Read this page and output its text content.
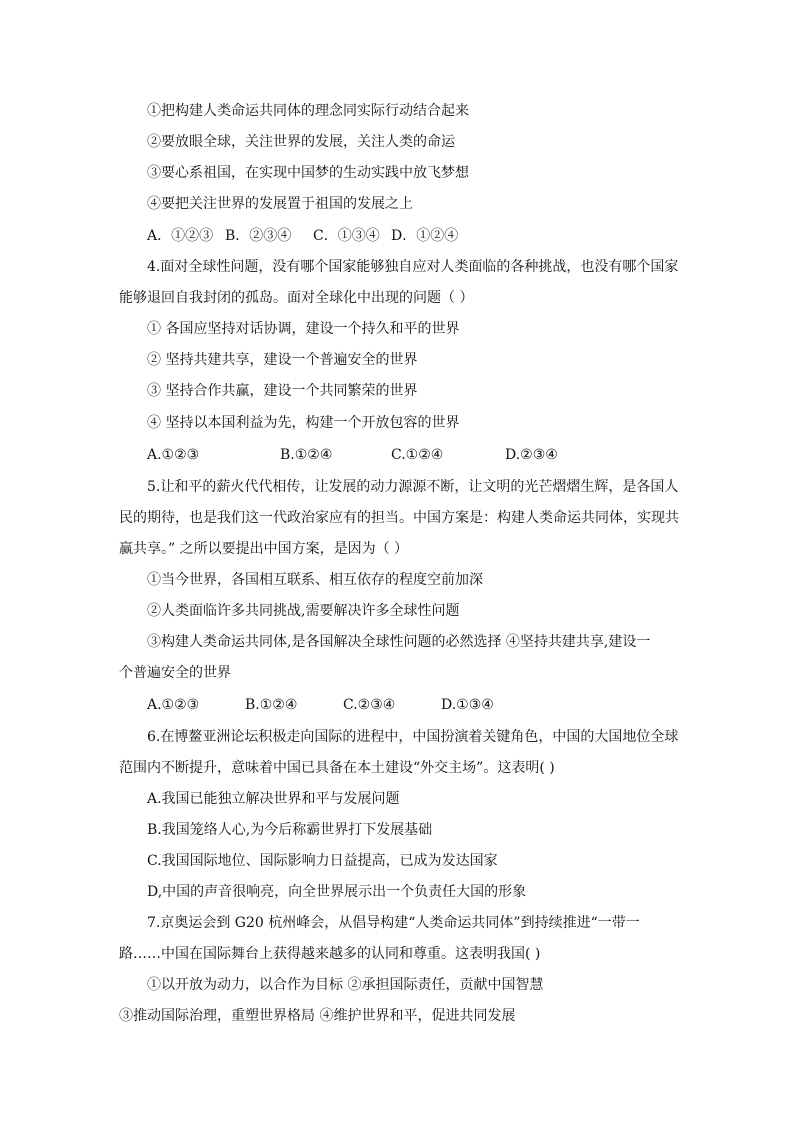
①把构建人类命运共同体的理念同实际行动结合起来
②要放眼全球，关注世界的发展，关注人类的命运
③要心系祖国，在实现中国梦的生动实践中放飞梦想
④要把关注世界的发展置于祖国的发展之上
A．①②③ B．②③④ C．①③④ D．①②④
4.面对全球性问题，没有哪个国家能够独自应对人类面临的各种挑战，也没有哪个国家
能够退回自我封闭的孤岛。面对全球化中出现的问题（ ）
① 各国应坚持对话协调，建设一个持久和平的世界
② 坚持共建共享，建设一个普遍安全的世界
③ 坚持合作共赢，建设一个共同繁荣的世界
④ 坚持以本国利益为先，构建一个开放包容的世界
A.①②③	B.①②④	C.①②④	D.②③④
5.让和平的薪火代代相传，让发展的动力源源不断，让文明的光芒熠熠生辉，是各国人
民的期待，也是我们这一代政治家应有的担当。中国方案是：构建人类命运共同体，实现共
赢共享。” 之所以要提出中国方案，是因为（ ）
①当今世界，各国相互联系、相互依存的程度空前加深
②人类面临许多共同挑战,需要解决许多全球性问题
③构建人类命运共同体,是各国解决全球性问题的必然选择 ④坚持共建共享,建设一
个普遍安全的世界
A.①②③	B.①②④	C.②③④	D.①③④
6.在博鳌亚洲论坛积极走向国际的进程中，中国扮演着关键角色，中国的大国地位全球
范围内不断提升，意味着中国已具备在本土建设“外交主场”。这表明( )
A.我国已能独立解决世界和平与发展问题
B.我国笼络人心,为今后称霸世界打下发展基础
C.我国国际地位、国际影响力日益提高，已成为发达国家
D,中国的声音很响亮，向全世界展示出一个负责任大国的形象
7.京奥运会到 G20 杭州峰会，从倡导构建“人类命运共同体”到持续推进“一带一
路……中国在国际舞台上获得越来越多的认同和尊重。这表明我国( )
①以开放为动力，以合作为目标 ②承担国际责任，贡献中国智慧
③推动国际治理，重塑世界格局 ④维护世界和平，促进共同发展
